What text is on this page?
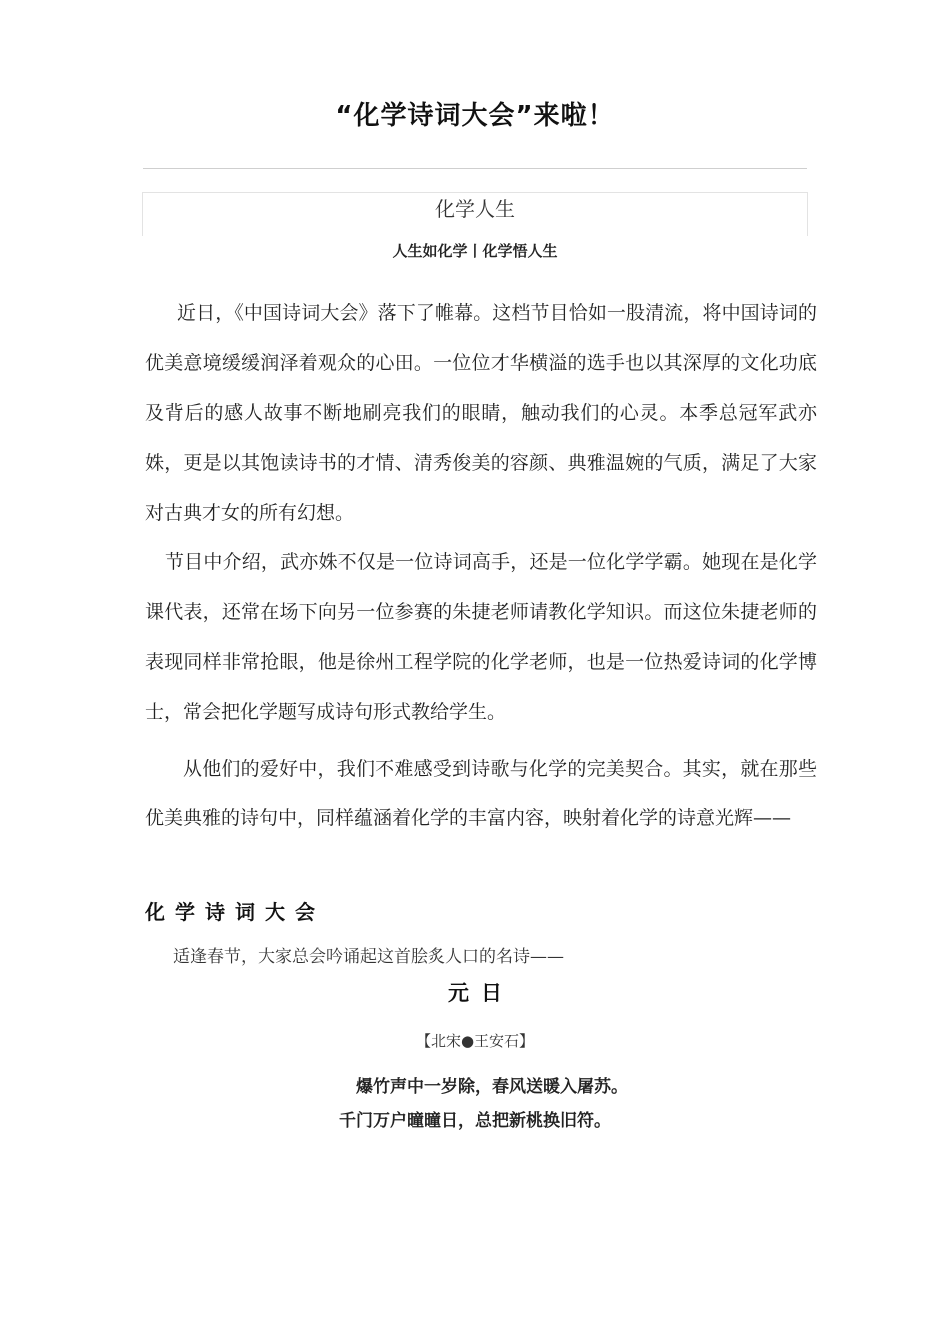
“化学诗词大会”来啦！
化学人生
人生如化学丨化学悟人生

近日，《中国诗词大会》落下了帷幕。这档节目恰如一股清流，将中国诗词的优美意境缓缓润泽着观众的心田。一位位才华横溢的选手也以其深厚的文化功底及背后的感人故事不断地刷亮我们的眼睛，触动我们的心灵。本季总冠军武亦姝，更是以其饱读诗书的才情、清秀俊美的容颜、典雅温婉的气质，满足了大家对古典才女的所有幻想。

节目中介绍，武亦姝不仅是一位诗词高手，还是一位化学学霸。她现在是化学课代表，还常在场下向另一位参赛的朱捷老师请教化学知识。而这位朱捷老师的表现同样非常抢眼，他是徐州工程学院的化学老师，也是一位热爱诗词的化学博士，常会把化学题写成诗句形式教给学生。

从他们的爱好中，我们不难感受到诗歌与化学的完美契合。其实，就在那些优美典雅的诗句中，同样蕴涵着化学的丰富内容，映射着化学的诗意光辉——

化学诗词大会

适逢春节，大家总会吟诵起这首脍炙人口的名诗——

元日
【北宋●王安石】
爆竹声中一岁除，春风送暖入屠苏。
千门万户曈曈日，总把新桃换旧符。
